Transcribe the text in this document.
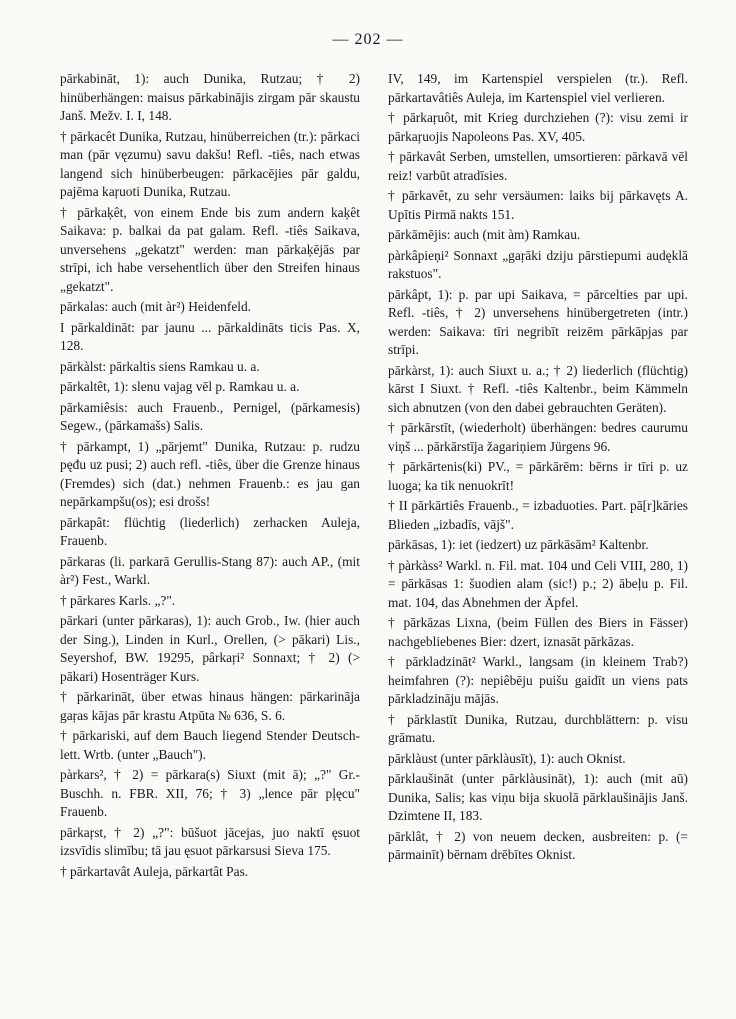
— 202 —

pārkabināt, 1): auch Dunika, Rutzau; † 2) hinüberhängen: maisus pārkabinājis zirgam pār skaustu Janš. Mežv. I. I, 148.

† pārkacêt Dunika, Rutzau, hinüberreichen (tr.): pārkaci man (pār vęzumu) savu dakšu! Refl. -tiês, nach etwas langend sich hinüberbeugen: pārkacējies pār galdu, pajēma kaŗuoti Dunika, Rutzau.

† pārkaķêt, von einem Ende bis zum andern kaķêt Saikava: p. balkai da pat galam. Refl. -tiês Saikava, unversehens „gekatzt" werden: man pārkaķējās par strīpi, ich habe versehentlich über den Streifen hinaus „gekatzt".

pārkalas: auch (mit àr²) Heidenfeld.

I pārkaldināt: par jaunu ... pārkaldināts ticis Pas. X, 128.

pārkàlst: pārkaltis siens Ramkau u. a.

pārkaltêt, 1): slenu vajag vēl p. Ramkau u. a.

pārkamiêsis: auch Frauenb., Pernigel, (pārkamesis) Segew., (pārkamašs) Salis.

† pārkampt, 1) „pārjemt" Dunika, Rutzau: p. rudzu pęđu uz pusi; 2) auch refl. -tiês, über die Grenze hinaus (Fremdes) sich (dat.) nehmen Frauenb.: es jau gan nepārkampšu(os); esi drošs!

pārkapât: flüchtig (liederlich) zerhacken Auleja, Frauenb.

pārkaras (li. parkarā Gerullis-Stang 87): auch AP., (mit àr²) Fest., Warkl.

† pārkares Karls. „?".

pārkari (unter pārkaras), 1): auch Grob., Iw. (hier auch der Sing.), Linden in Kurl., Orellen, (> pākari) Lis., Seyershof, BW. 19295, pârkaŗi² Sonnaxt; † 2) (> pākari) Hosenträger Kurs.

† pārkarināt, über etwas hinaus hängen: pārkarināja gaŗas kājas pār krastu Atpūta № 636, S. 6.

† pārkariski, auf dem Bauch liegend Stender Deutsch-lett. Wrtb. (unter „Bauch").

pàrkars², † 2) = pārkara(s) Siuxt (mit ā); „?" Gr.-Buschh. n. FBR. XII, 76; † 3) „lence pār pļęcu" Frauenb.

pārkaŗst, † 2) „?": būšuot jācejas, juo naktī ęsuot izsvīdis slimību; tā jau ęsuot pārkarsusi Sieva 175.

† pārkartavât Auleja, pārkartât Pas.

IV, 149, im Kartenspiel verspielen (tr.). Refl. pārkartavâtiês Auleja, im Kartenspiel viel verlieren.

† pārkaŗuôt, mit Krieg durchziehen (?): visu zemi ir pārkaŗuojis Napoleons Pas. XV, 405.

† pārkavât Serben, umstellen, umsortieren: pārkavā vēl reiz! varbūt atradīsies.

† pārkavêt, zu sehr versäumen: laiks bij pārkavęts A. Upītis Pirmā nakts 151.

pārkāmējis: auch (mit àm) Ramkau.

pàrkâpieņi² Sonnaxt „gaŗāki dziju pārstiepumi audęklā rakstuos".

pārkâpt, 1): p. par upi Saikava, = pārcelties par upi. Refl. -tiês, † 2) unversehens hinübergetreten (intr.) werden: Saikava: tīri negribīt reizēm pārkāpjas par strīpi.

pārkàrst, 1): auch Siuxt u. a.; † 2) liederlich (flüchtig) kārst I Siuxt. † Refl. -tiês Kaltenbr., beim Kämmeln sich abnutzen (von den dabei gebrauchten Geräten).

† pārkārstīt, (wiederholt) überhängen: bedres caurumu viņš ... pārkārstīja žagariņiem Jürgens 96.

† pārkārtenis(ki) PV., = pārkārēm: bērns ir tīri p. uz luoga; ka tik nenuokrīt!

† II pārkārtiês Frauenb., = izbaduoties. Part. pā[r]kāries Blieden „izbadīs, vājš".

pārkāsas, 1): iet (iedzert) uz pārkāsām² Kaltenbr.

† pàrkàss² Warkl. n. Fil. mat. 104 und Celi VIII, 280, 1) = pārkāsas 1: šuodien alam (sic!) p.; 2) ābeļu p. Fil. mat. 104, das Abnehmen der Äpfel.

† pārkāzas Lixna, (beim Füllen des Biers in Fässer) nachgebliebenes Bier: dzert, iznasāt pārkāzas.

† pārkladzināt² Warkl., langsam (in kleinem Trab?) heimfahren (?): nepiêbēju puišu gaidīt un viens pats pārkladzināju mājās.

† pārklastīt Dunika, Rutzau, durchblättern: p. visu grāmatu.

pārklàust (unter pārklàusīt), 1): auch Oknist.

pārklaušināt (unter pārklàusināt), 1): auch (mit aū) Dunika, Salis; kas viņu bija skuolā pārklaušinājis Janš. Dzimtene II, 183.

pārklât, † 2) von neuem decken, ausbreiten: p. (= pārmainīt) bērnam drēbītes Oknist.
